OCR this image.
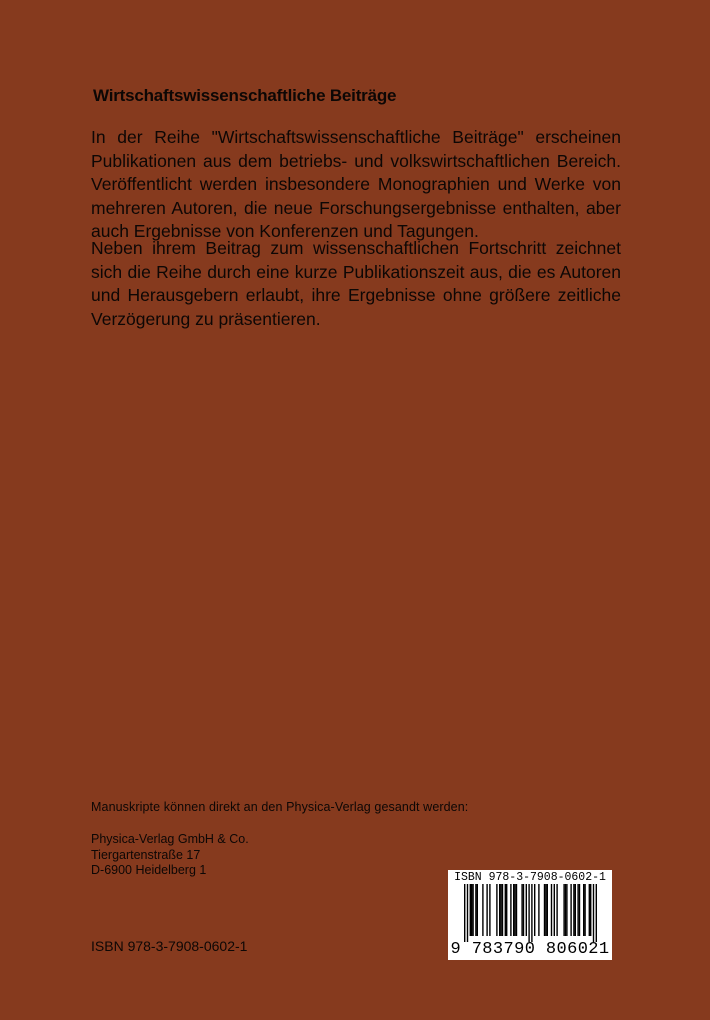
Wirtschaftswissenschaftliche Beiträge

In der Reihe "Wirtschaftswissenschaftliche Beiträge" erscheinen Publikationen aus dem betriebs- und volkswirtschaftlichen Bereich. Veröffentlicht werden insbesondere Monographien und Werke von mehreren Autoren, die neue Forschungsergebnisse enthalten, aber auch Ergebnisse von Konferenzen und Tagungen.

Neben ihrem Beitrag zum wissenschaftlichen Fortschritt zeichnet sich die Reihe durch eine kurze Publikationszeit aus, die es Autoren und Herausgebern erlaubt, ihre Ergebnisse ohne größere zeitliche Verzögerung zu präsentieren.

Manuskripte können direkt an den Physica-Verlag gesandt werden:

Physica-Verlag GmbH & Co.
Tiergartenstraße 17
D-6900 Heidelberg 1

ISBN 978-3-7908-0602-1

ISBN 978-3-7908-0602-1
9 783790 806021
